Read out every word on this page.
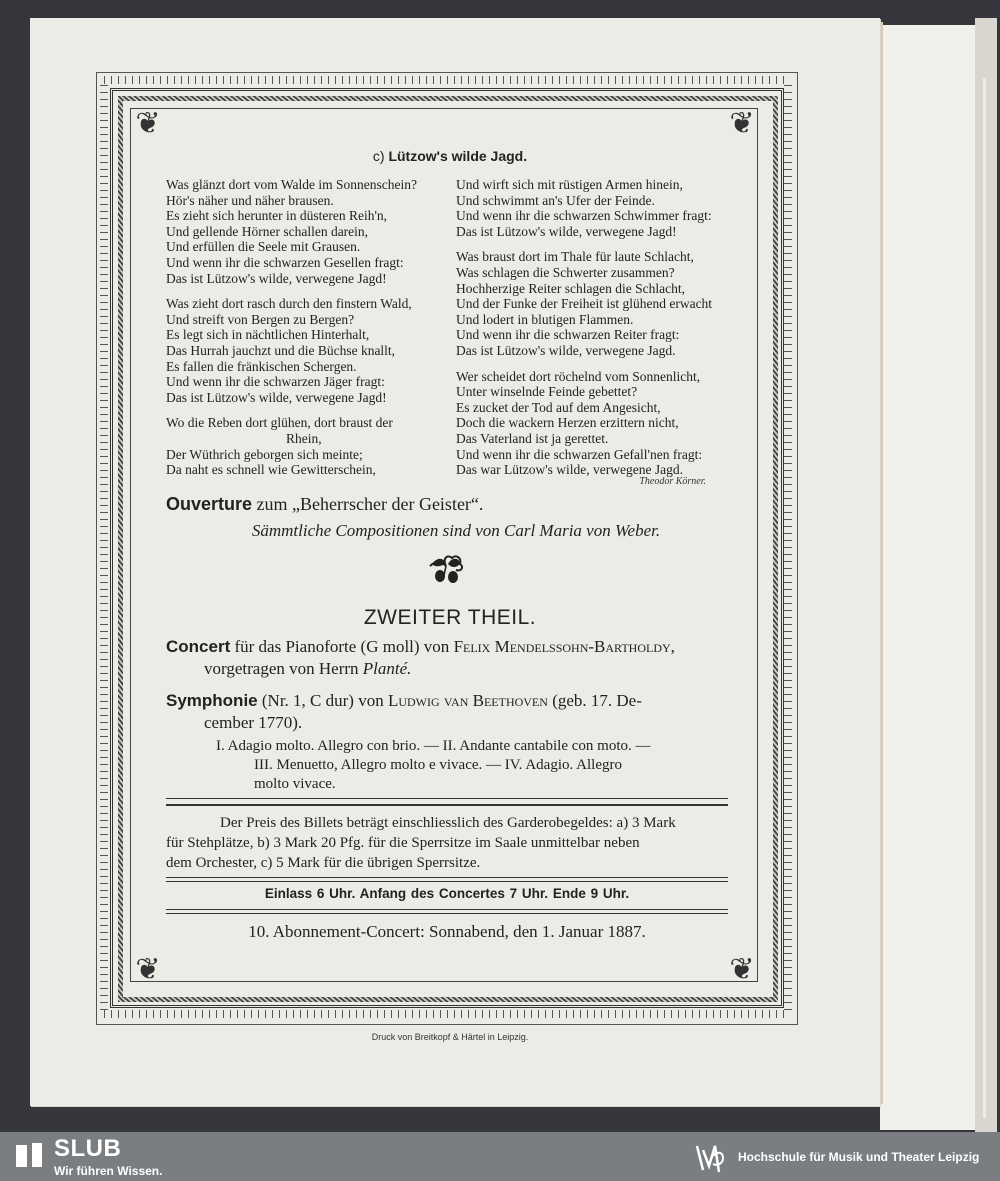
❦	❦
❦	❦
c) Lützow's wilde Jagd.
Was glänzt dort vom Walde im Sonnenschein?
Hör's näher und näher brausen.
Es zieht sich herunter in düsteren Reih'n,
Und gellende Hörner schallen darein,
Und erfüllen die Seele mit Grausen.
Und wenn ihr die schwarzen Gesellen fragt:
Das ist Lützow's wilde, verwegene Jagd!
Was zieht dort rasch durch den finstern Wald,
Und streift von Bergen zu Bergen?
Es legt sich in nächtlichen Hinterhalt,
Das Hurrah jauchzt und die Büchse knallt,
Es fallen die fränkischen Schergen.
Und wenn ihr die schwarzen Jäger fragt:
Das ist Lützow's wilde, verwegene Jagd!
Wo die Reben dort glühen, dort braust der
Rhein,
Der Wüthrich geborgen sich meinte;
Da naht es schnell wie Gewitterschein,
Und wirft sich mit rüstigen Armen hinein,
Und schwimmt an's Ufer der Feinde.
Und wenn ihr die schwarzen Schwimmer fragt:
Das ist Lützow's wilde, verwegene Jagd!
Was braust dort im Thale für laute Schlacht,
Was schlagen die Schwerter zusammen?
Hochherzige Reiter schlagen die Schlacht,
Und der Funke der Freiheit ist glühend erwacht
Und lodert in blutigen Flammen.
Und wenn ihr die schwarzen Reiter fragt:
Das ist Lützow's wilde, verwegene Jagd.
Wer scheidet dort röchelnd vom Sonnenlicht,
Unter winselnde Feinde gebettet?
Es zucket der Tod auf dem Angesicht,
Doch die wackern Herzen erzittern nicht,
Das Vaterland ist ja gerettet.
Und wenn ihr die schwarzen Gefall'nen fragt:
Das war Lützow's wilde, verwegene Jagd.
Theodor Körner.
Ouverture zum „Beherrscher der Geister“.
Sämmtliche Compositionen sind von Carl Maria von Weber.
ZWEITER THEIL.
Concert für das Pianoforte (G moll) von Felix Mendelssohn-Bartholdy,
vorgetragen von Herrn Planté.
Symphonie (Nr. 1, C dur) von Ludwig van Beethoven (geb. 17. De-
cember 1770).
I. Adagio molto. Allegro con brio. — II. Andante cantabile con moto. —
III. Menuetto, Allegro molto e vivace. — IV. Adagio. Allegro
molto vivace.
Der Preis des Billets beträgt einschliesslich des Garderobegeldes: a) 3 Mark
für Stehplätze, b) 3 Mark 20 Pfg. für die Sperrsitze im Saale unmittelbar neben
dem Orchester, c) 5 Mark für die übrigen Sperrsitze.
Einlass 6 Uhr. Anfang des Concertes 7 Uhr. Ende 9 Uhr.
10. Abonnement-Concert: Sonnabend, den 1. Januar 1887.
Druck von Breitkopf & Härtel in Leipzig.
SLUB
Wir führen Wissen.
Hochschule für Musik und Theater Leipzig
